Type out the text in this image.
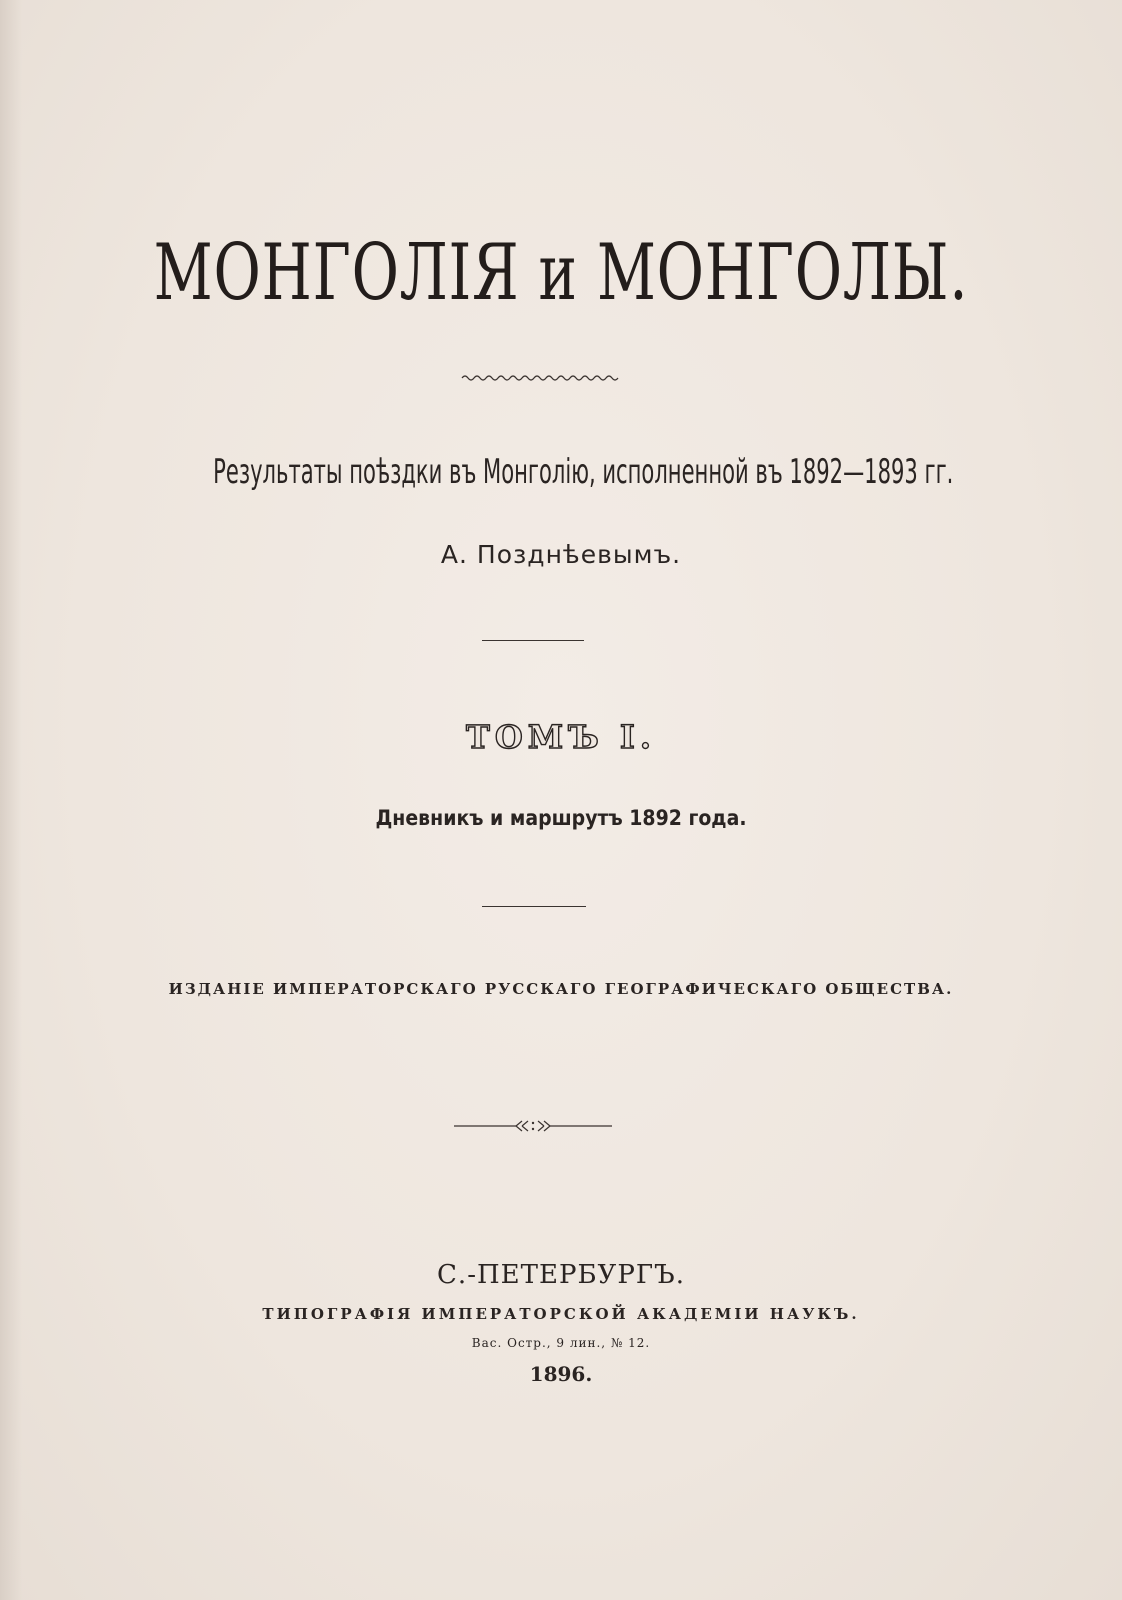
МОНГОЛІЯ и МОНГОЛЫ.
Результаты поѣздки въ Монголію, исполненной въ 1892—1893 гг.
А. Позднѣевымъ.
ТОМЪ I.
Дневникъ и маршрутъ 1892 года.
ИЗДАНІЕ ИМПЕРАТОРСКАГО РУССКАГО ГЕОГРАФИЧЕСКАГО ОБЩЕСТВА.
С.-ПЕТЕРБУРГЪ.
ТИПОГРАФІЯ ИМПЕРАТОРСКОЙ АКАДЕМІИ НАУКЪ.
Вас. Остр., 9 лин., № 12.
1896.
